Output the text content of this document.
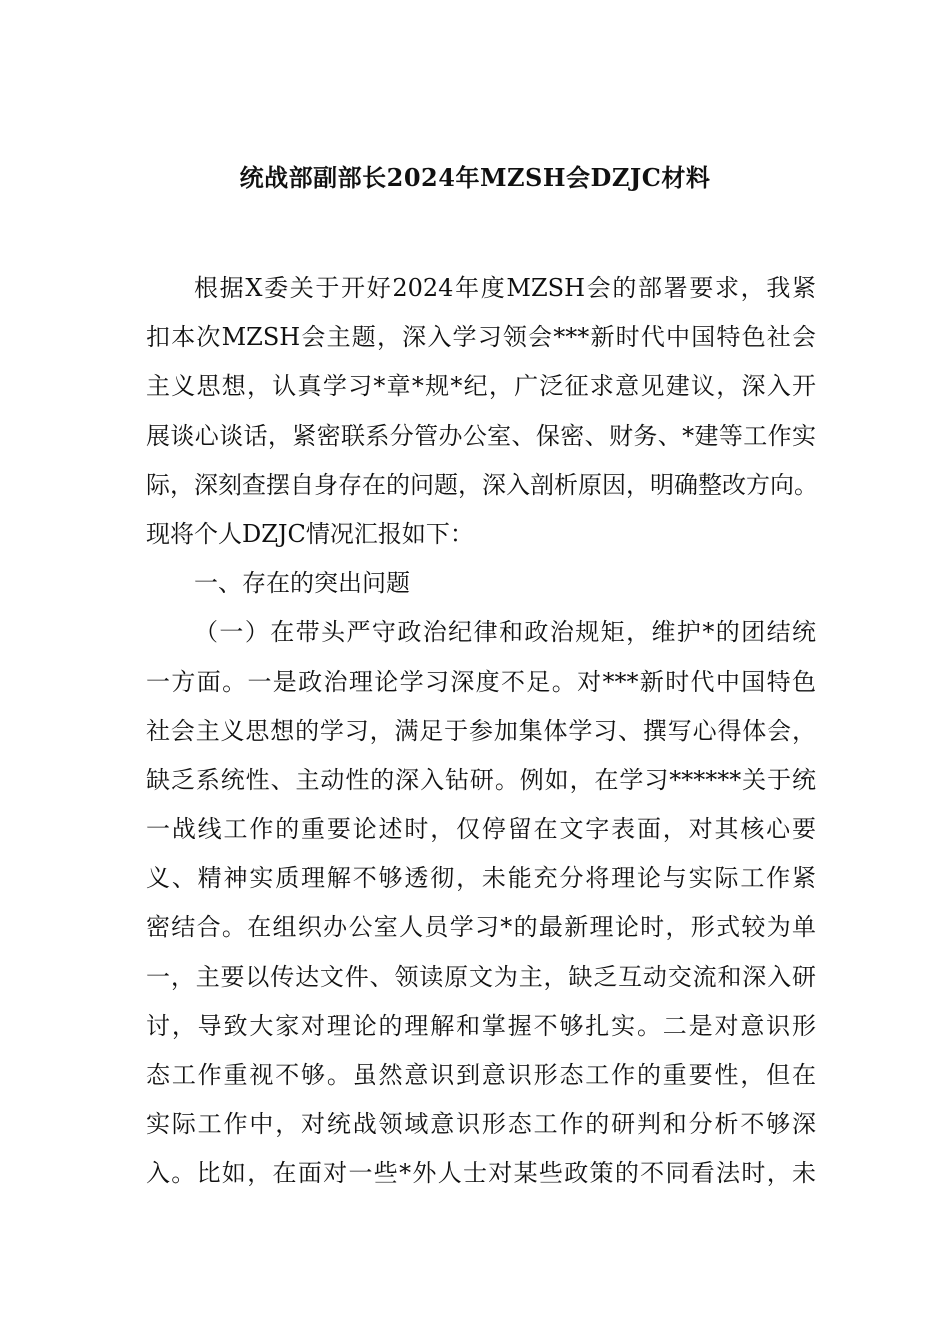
统战部副部长2024年MZSH会DZJC材料
根据X委关于开好2024年度MZSH会的部署要求，我紧
扣本次MZSH会主题，深入学习领会***新时代中国特色社会
主义思想，认真学习*章*规*纪，广泛征求意见建议，深入开
展谈心谈话，紧密联系分管办公室、保密、财务、*建等工作实
际，深刻查摆自身存在的问题，深入剖析原因，明确整改方向。
现将个人DZJC情况汇报如下：
一、存在的突出问题
（一）在带头严守政治纪律和政治规矩，维护*的团结统
一方面。一是政治理论学习深度不足。对***新时代中国特色
社会主义思想的学习，满足于参加集体学习、撰写心得体会，
缺乏系统性、主动性的深入钻研。例如，在学习******关于统
一战线工作的重要论述时，仅停留在文字表面，对其核心要
义、精神实质理解不够透彻，未能充分将理论与实际工作紧
密结合。在组织办公室人员学习*的最新理论时，形式较为单
一，主要以传达文件、领读原文为主，缺乏互动交流和深入研
讨，导致大家对理论的理解和掌握不够扎实。二是对意识形
态工作重视不够。虽然意识到意识形态工作的重要性，但在
实际工作中，对统战领域意识形态工作的研判和分析不够深
入。比如，在面对一些*外人士对某些政策的不同看法时，未
